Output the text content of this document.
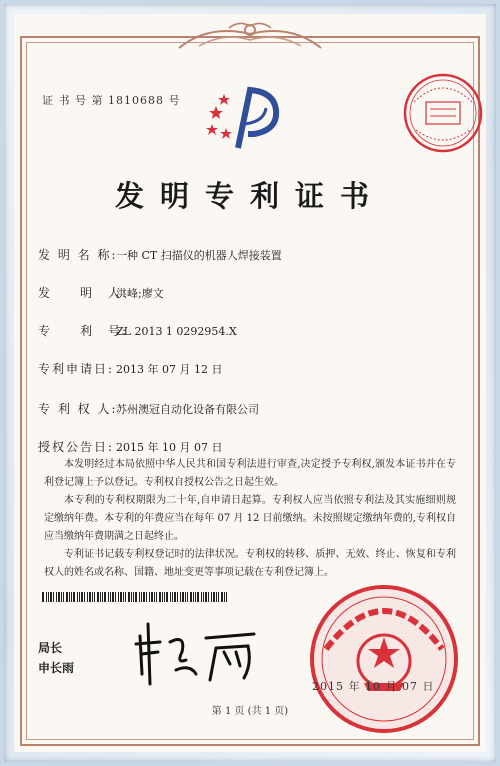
证 书 号 第 1810688 号
发明专利证书
发 明 名 称:一种 CT 扫描仪的机器人焊接装置
发　　明　人:洪峰;廖文
专　　利　号:ZL 2013 1 0292954.X
专利申请日: 2013 年 07 月 12 日
专 利 权 人:苏州澳冠自动化设备有限公司
授权公告日: 2015 年 10 月 07 日

本发明经过本局依照中华人民共和国专利法进行审查,决定授予专利权,颁发本证书并在专利登记簿上予以登记。专利权自授权公告之日起生效。

本专利的专利权期限为二十年,自申请日起算。专利权人应当依照专利法及其实施细则规定缴纳年费。本专利的年费应当在每年 07 月 12 日前缴纳。未按照规定缴纳年费的,专利权自应当缴纳年费期满之日起终止。

专利证书记载专利权登记时的法律状况。专利权的转移、质押、无效、终止、恢复和专利权人的姓名或名称、国籍、地址变更等事项记载在专利登记簿上。

局长
申长雨
2015 年 10 月 07 日
第 1 页 (共 1 页)
